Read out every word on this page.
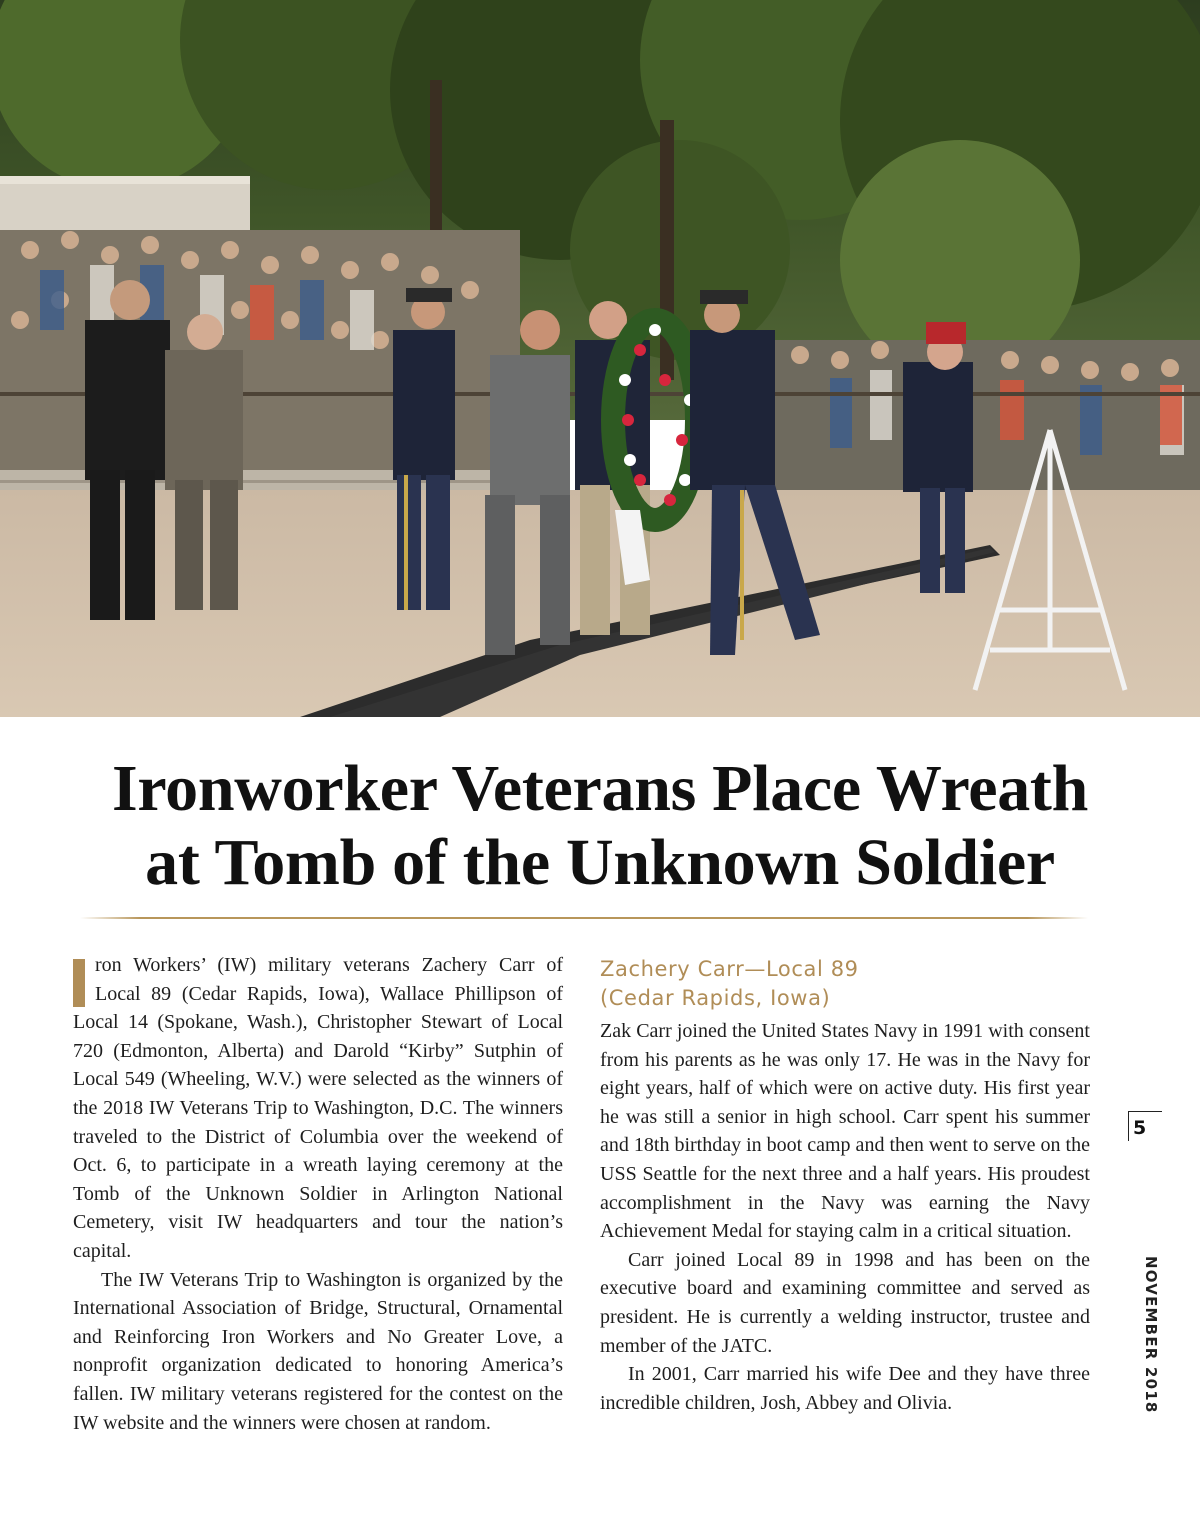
Ironworker Veterans Place Wreath
at Tomb of the Unknown Soldier

ron Workers’ (IW) military veterans Zachery Carr of Local 89 (Cedar Rapids, Iowa), Wallace Phillipson of Local 14 (Spokane, Wash.), Christopher Stewart of Local 720 (Edmonton, Alberta) and Darold “Kirby” Sutphin of Local 549 (Wheeling, W.V.) were selected as the winners of the 2018 IW Veterans Trip to Washington, D.C. The winners traveled to the District of Columbia over the weekend of Oct. 6, to participate in a wreath laying ceremony at the Tomb of the Unknown Soldier in Arlington National Cemetery, visit IW headquarters and tour the nation’s capital.

The IW Veterans Trip to Washington is organized by the International Association of Bridge, Structural, Ornamental and Reinforcing Iron Workers and No Greater Love, a nonprofit organization dedicated to honoring America’s fallen. IW military veterans registered for the contest on the IW website and the winners were chosen at random.

Zachery Carr—Local 89
(Cedar Rapids, Iowa)

Zak Carr joined the United States Navy in 1991 with consent from his parents as he was only 17. He was in the Navy for eight years, half of which were on active duty. His first year he was still a senior in high school. Carr spent his summer and 18th birthday in boot camp and then went to serve on the USS Seattle for the next three and a half years. His proudest accomplishment in the Navy was earning the Navy Achievement Medal for staying calm in a critical situation.

Carr joined Local 89 in 1998 and has been on the executive board and examining committee and served as president. He is currently a welding instructor, trustee and member of the JATC.

In 2001, Carr married his wife Dee and they have three incredible children, Josh, Abbey and Olivia.	NOVEMBER 2018
5
